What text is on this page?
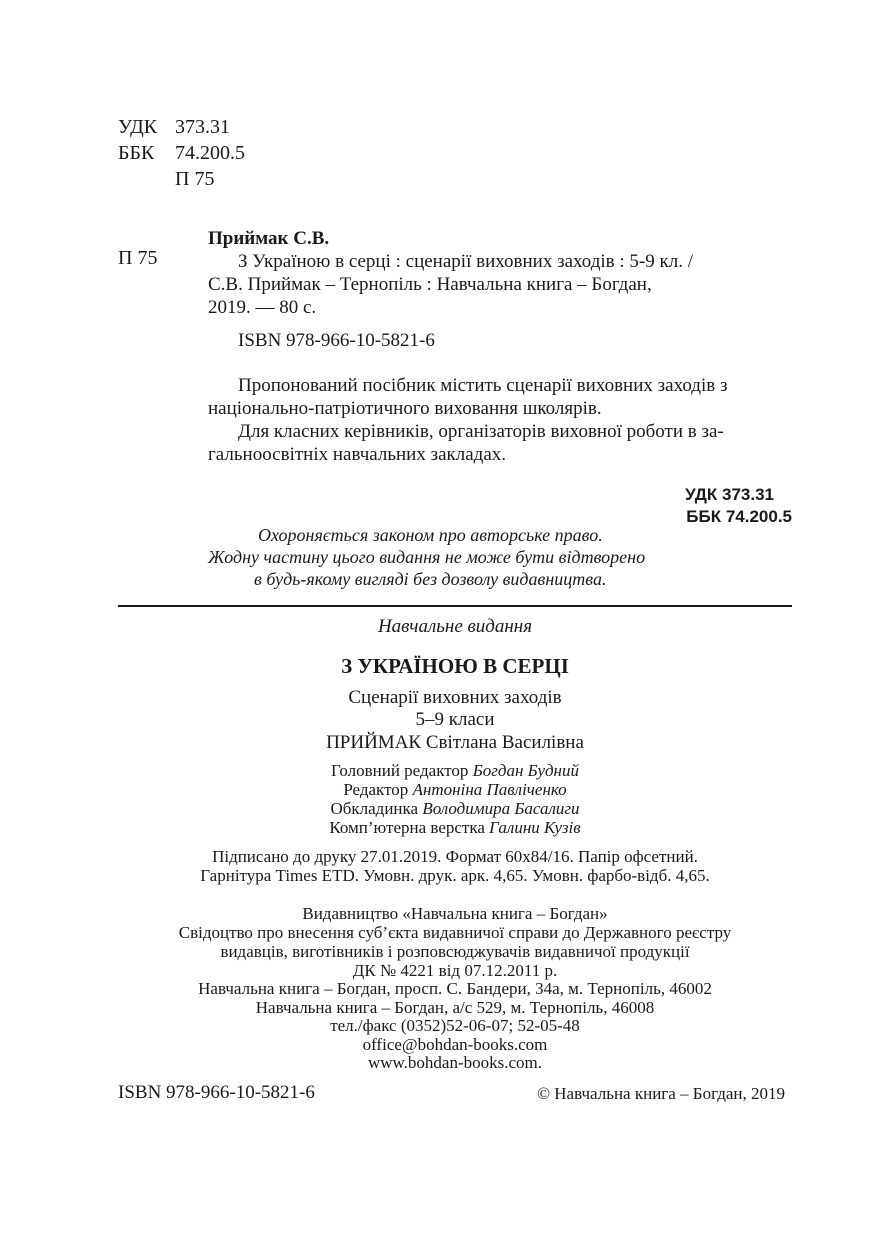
УДК 373.31
ББК 74.200.5
П 75
П 75
Приймак С.В.
З Україною в серці : сценарії виховних заходів : 5-9 кл. /
С.В. Приймак – Тернопіль : Навчальна книга – Богдан,
2019. — 80 с.
ISBN 978-966-10-5821-6
Пропонований посібник містить сценарії виховних заходів з
національно-патріотичного виховання школярів.
Для класних керівників, організаторів виховної роботи в за-
гальноосвітніх навчальних закладах.
УДК 373.31
ББК 74.200.5
Охороняється законом про авторське право.
Жодну частину цього видання не може бути відтворено
в будь-якому вигляді без дозволу видавництва.
Навчальне видання
З УКРАЇНОЮ В СЕРЦІ
Сценарії виховних заходів
5–9 класи
ПРИЙМАК Світлана Василівна
Головний редактор Богдан Будний
Редактор Антоніна Павліченко
Обкладинка Володимира Басалиги
Комп’ютерна верстка Галини Кузів
Підписано до друку 27.01.2019. Формат 60х84/16. Папір офсетний.
Гарнітура Times ETD. Умовн. друк. арк. 4,65. Умовн. фарбо-відб. 4,65.
Видавництво «Навчальна книга – Богдан»
Свідоцтво про внесення суб’єкта видавничої справи до Державного реєстру
видавців, виготівників і розповсюджувачів видавничої продукції
ДК № 4221 від 07.12.2011 р.
Навчальна книга – Богдан, просп. С. Бандери, 34а, м. Тернопіль, 46002
Навчальна книга – Богдан, а/с 529, м. Тернопіль, 46008
тел./факс (0352)52-06-07; 52-05-48
office@bohdan-books.com
www.bohdan-books.com.
ISBN 978-966-10-5821-6	© Навчальна книга – Богдан, 2019
